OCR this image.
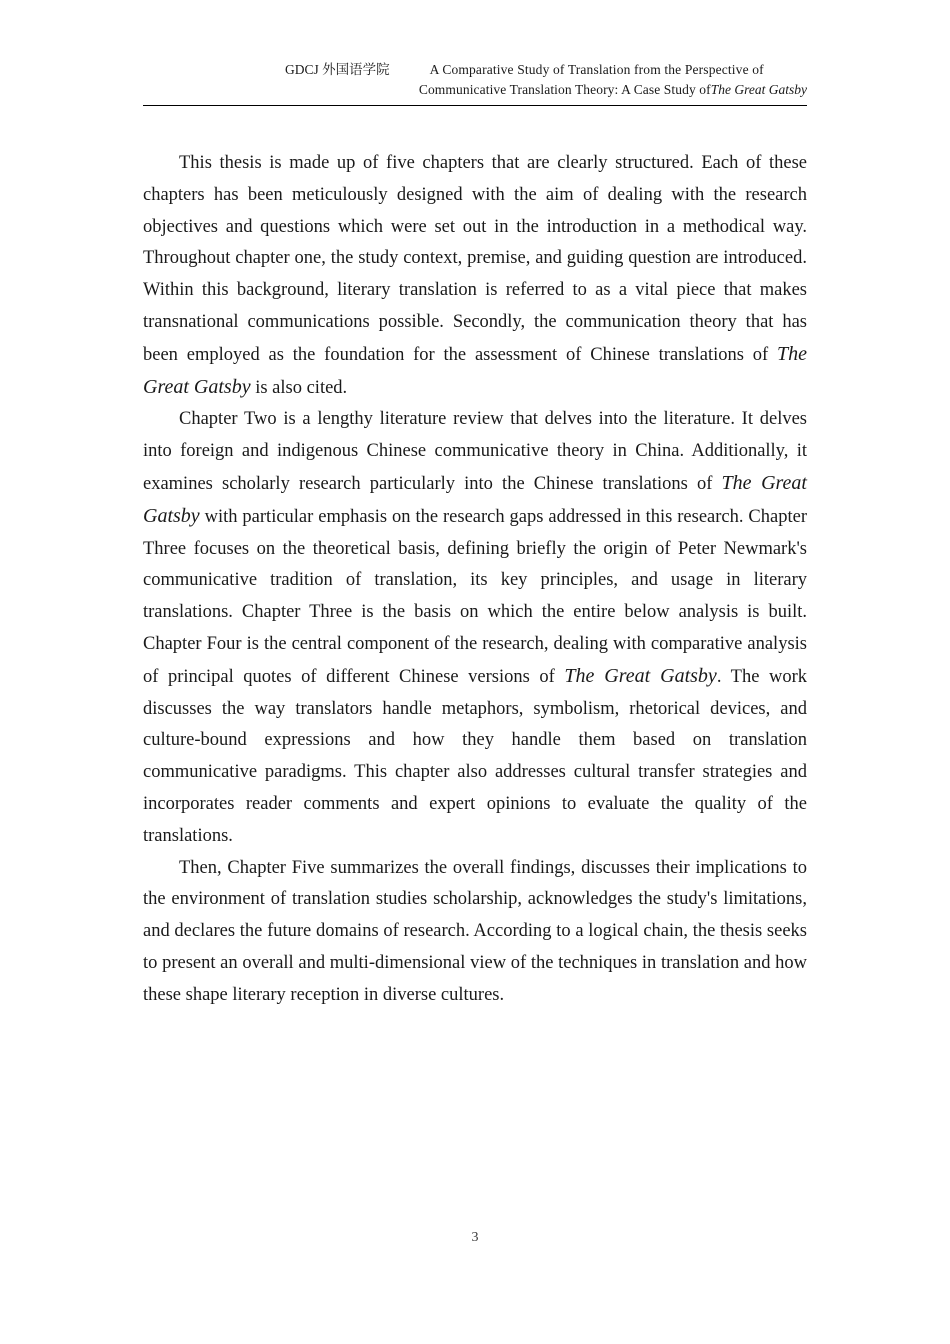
GDCJ 外国语学院	A Comparative Study of Translation from the Perspective of
Communicative Translation Theory: A Case Study of The Great Gatsby

This thesis is made up of five chapters that are clearly structured. Each of these chapters has been meticulously designed with the aim of dealing with the research objectives and questions which were set out in the introduction in a methodical way. Throughout chapter one, the study context, premise, and guiding question are introduced. Within this background, literary translation is referred to as a vital piece that makes transnational communications possible. Secondly, the communication theory that has been employed as the foundation for the assessment of Chinese translations of The Great Gatsby is also cited.

Chapter Two is a lengthy literature review that delves into the literature. It delves into foreign and indigenous Chinese communicative theory in China. Additionally, it examines scholarly research particularly into the Chinese translations of The Great Gatsby with particular emphasis on the research gaps addressed in this research. Chapter Three focuses on the theoretical basis, defining briefly the origin of Peter Newmark's communicative tradition of translation, its key principles, and usage in literary translations. Chapter Three is the basis on which the entire below analysis is built. Chapter Four is the central component of the research, dealing with comparative analysis of principal quotes of different Chinese versions of The Great Gatsby. The work discusses the way translators handle metaphors, symbolism, rhetorical devices, and culture-bound expressions and how they handle them based on translation communicative paradigms. This chapter also addresses cultural transfer strategies and incorporates reader comments and expert opinions to evaluate the quality of the translations.

Then, Chapter Five summarizes the overall findings, discusses their implications to the environment of translation studies scholarship, acknowledges the study's limitations, and declares the future domains of research. According to a logical chain, the thesis seeks to present an overall and multi-dimensional view of the techniques in translation and how these shape literary reception in diverse cultures.

3
